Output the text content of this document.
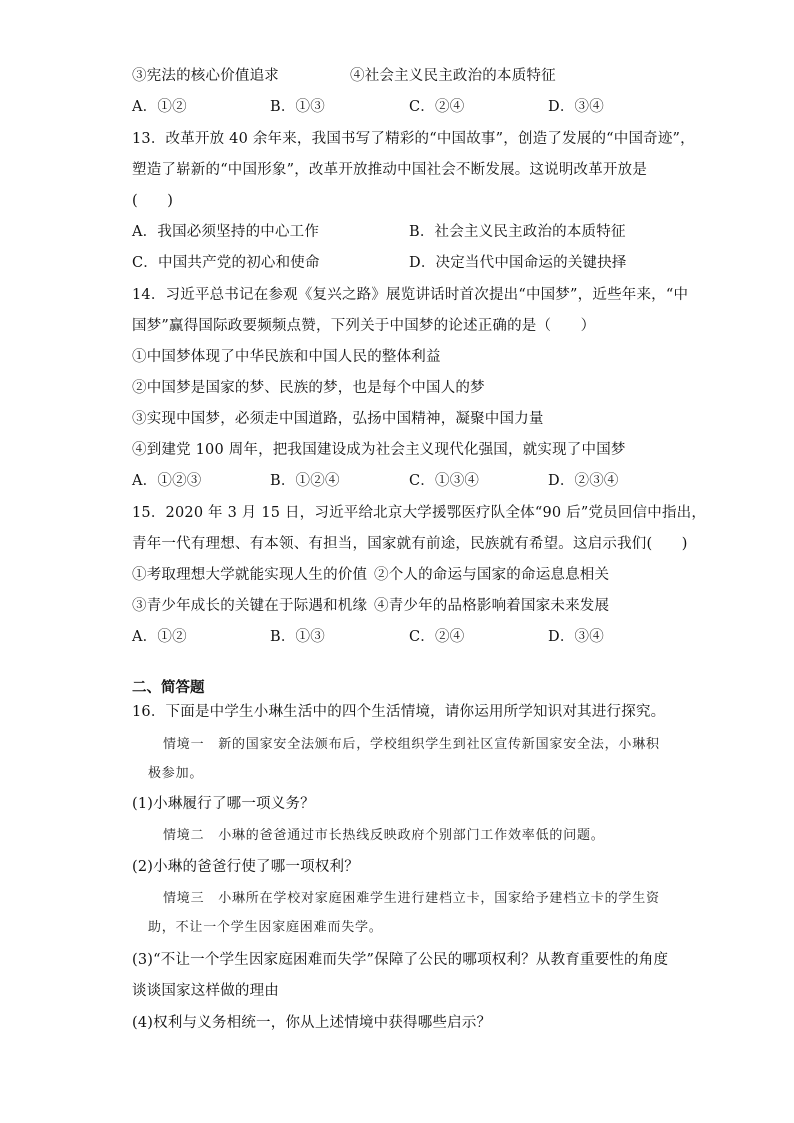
③宪法的核心价值追求	④社会主义民主政治的本质特征
A．①②	B．①③	C．②④	D．③④
13．改革开放 40 余年来，我国书写了精彩的“中国故事”，创造了发展的“中国奇迹”，
塑造了崭新的“中国形象”，改革开放推动中国社会不断发展。这说明改革开放是
(　　)
A．我国必须坚持的中心工作	B．社会主义民主政治的本质特征
C．中国共产党的初心和使命	D．决定当代中国命运的关键抉择
14．习近平总书记在参观《复兴之路》展览讲话时首次提出“中国梦”，近些年来，“中
国梦”赢得国际政要频频点赞，下列关于中国梦的论述正确的是（　　）
①中国梦体现了中华民族和中国人民的整体利益
②中国梦是国家的梦、民族的梦，也是每个中国人的梦
③实现中国梦，必须走中国道路，弘扬中国精神，凝聚中国力量
④到建党 100 周年，把我国建设成为社会主义现代化强国，就实现了中国梦
A．①②③	B．①②④	C．①③④	D．②③④
15．2020 年 3 月 15 日，习近平给北京大学援鄂医疗队全体“90 后”党员回信中指出，
青年一代有理想、有本领、有担当，国家就有前途，民族就有希望。这启示我们(　　)
①考取理想大学就能实现人生的价值 ②个人的命运与国家的命运息息相关
③青少年成长的关键在于际遇和机缘 ④青少年的品格影响着国家未来发展
A．①②	B．①③	C．②④	D．③④
二、简答题
16．下面是中学生小琳生活中的四个生活情境，请你运用所学知识对其进行探究。
情境一　新的国家安全法颁布后，学校组织学生到社区宣传新国家安全法，小琳积
极参加。
(1)小琳履行了哪一项义务？
情境二　小琳的爸爸通过市长热线反映政府个别部门工作效率低的问题。
(2)小琳的爸爸行使了哪一项权利？
情境三　小琳所在学校对家庭困难学生进行建档立卡，国家给予建档立卡的学生资
助，不让一个学生因家庭困难而失学。
(3)“不让一个学生因家庭困难而失学”保障了公民的哪项权利？从教育重要性的角度
谈谈国家这样做的理由
(4)权利与义务相统一，你从上述情境中获得哪些启示？
